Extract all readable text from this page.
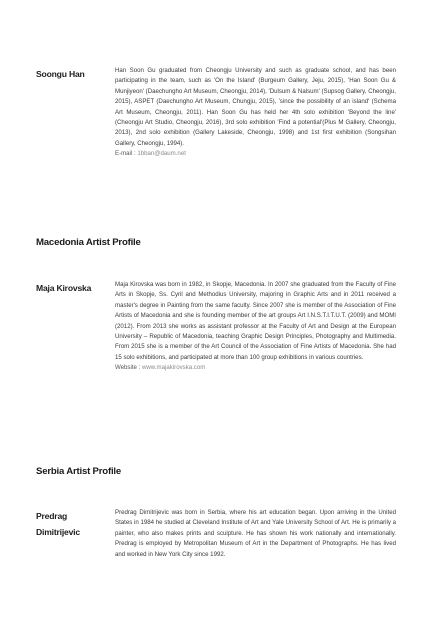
Soongu Han	Han Soon Gu graduated from Cheongju University and such as graduate school, and has been participating in the team, such as 'On the Island' (Burgeum Gallery, Jeju, 2015), 'Han Soon Gu & Munjiyeon' (Daechungho Art Museum, Cheongju, 2014), 'Dulsum & Nalsum' (Supsog Gallery, Cheongju, 2015), ASPET (Daechungho Art Museum, Chungju, 2015), 'since the possibility of an island' (Schema Art Museum, Cheongju, 2011). Han Soon Gu has held her 4th solo exhibition 'Beyond the line' (Cheongju Art Studio, Cheongju, 2016), 3rd solo exhibition 'Find a potential'(Plus M Gallery, Cheongju, 2013), 2nd solo exhibition (Gallery Lakeside, Cheongju, 1998) and 1st first exhibition (Songsihan Gallery, Cheongju, 1994).
E-mail : 1bban@daum.net
Macedonia Artist Profile
Maja Kirovska	Maja Kirovska was born in 1982, in Skopje, Macedonia. In 2007 she graduated from the Faculty of Fine Arts in Skopje, Ss. Cyril and Methodius University, majoring in Graphic Arts and in 2011 received a master's degree in Painting from the same faculty. Since 2007 she is member of the Association of Fine Artists of Macedonia and she is founding member of the art groups Art I.N.S.T.I.T.U.T. (2009) and MOMI (2012). From 2013 she works as assistant professor at the Faculty of Art and Design at the European University – Republic of Macedonia, teaching Graphic Design Principles, Photography and Multimedia. From 2015 she is a member of the Art Council of the Association of Fine Artists of Macedonia. She had 15 solo exhibitions, and participated at more than 100 group exhibitions in various countries.
Website : www.majakirovska.com
Serbia Artist Profile
Predrag Dimitrijevic
Predrag Dimitrijevic was born in Serbia, where his art education began. Upon arriving in the United States in 1984 he studied at Cleveland Institute of Art and Yale University School of Art. He is primarily a painter, who also makes prints and sculpture. He has shown his work nationally and internationally. Predrag is employed by Metropolitan Museum of Art in the Department of Photographs. He has lived and worked in New York City since 1992.
